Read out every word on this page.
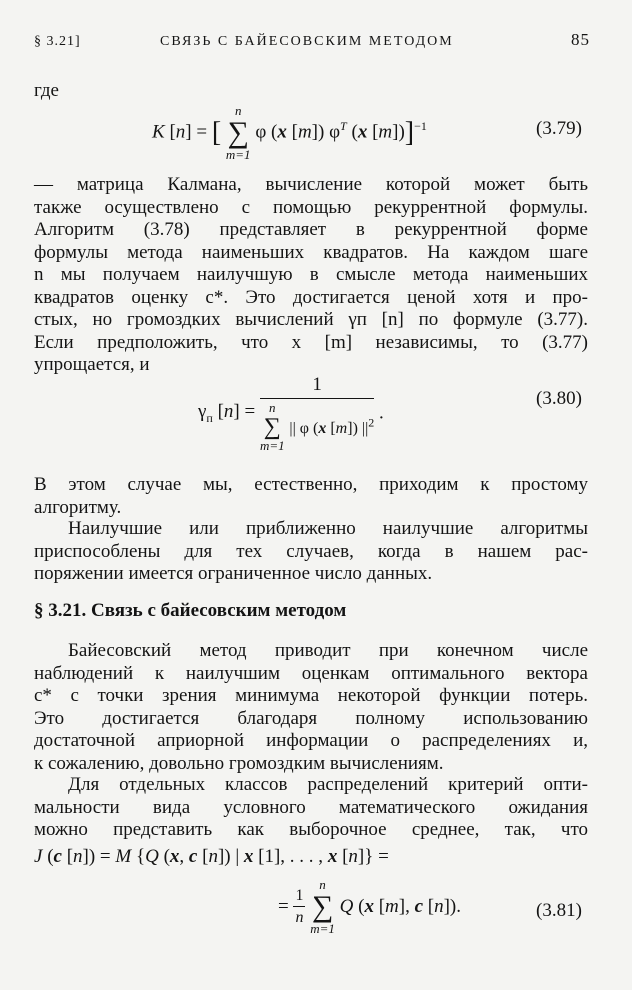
§ 3.21]	СВЯЗЬ С БАЙЕСОВСКИМ МЕТОДОМ	85
где
K [n] = [
n
∑
m=1
φ (x [m]) $\varphi^T$ (x [m])]$^{-1}$	(3.79)
— матрица Калмана, вычисление которой может быть
также осуществлено с помощью рекуррентной формулы.
Алгоритм (3.78) представляет в рекуррентной форме
формулы метода наименьших квадратов. На каждом шаге
n мы получаем наилучшую в смысле метода наименьших
квадратов оценку c*. Это достигается ценой хотя и про-
стых, но громоздких вычислений γп [n] по формуле (3.77).
Если предположить, что x [m] независимы, то (3.77)
упрощается, и
$\gamma_п$ [n] = 1
n
∑
m=1
|| φ (x [m]) $||^2$ .
(3.80)
В этом случае мы, естественно, приходим к простому
алгоритму.
Наилучшие или приближенно наилучшие алгоритмы
приспособлены для тех случаев, когда в нашем рас-
поряжении имеется ограниченное число данных.
§ 3.21. Связь с байесовским методом
Байесовский метод приводит при конечном числе
наблюдений к наилучшим оценкам оптимального вектора
c* с точки зрения минимума некоторой функции потерь.
Это достигается благодаря полному использованию
достаточной априорной информации о распределениях и,
к сожалению, довольно громоздким вычислениям.
Для отдельных классов распределений критерий опти-
мальности вида условного математического ожидания
можно представить как выборочное среднее, так, что
J (c [n]) = M {Q (x, c [n]) | x [1], . . . , x [n]} =
= $\frac{1}{n}$

n
∑
m=1
Q (x [m], c [n]).	(3.81)
